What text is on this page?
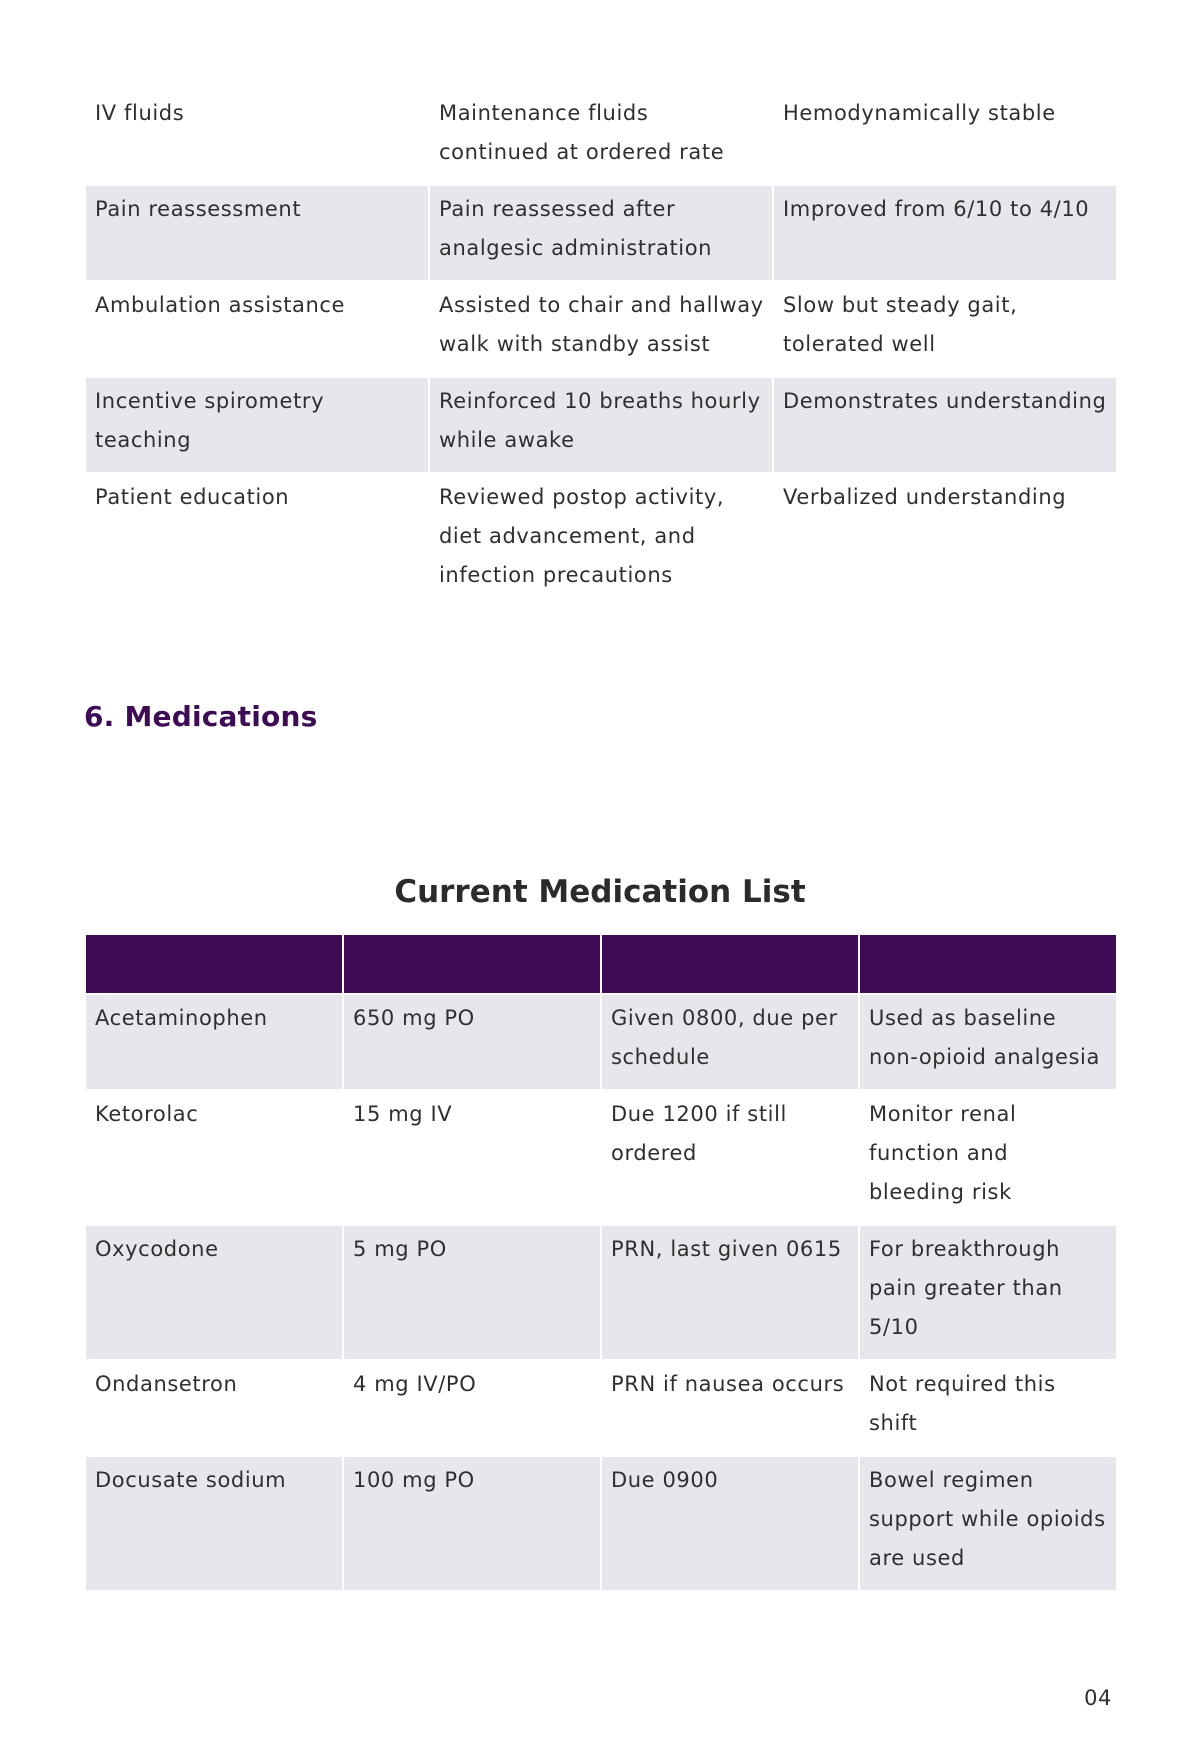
IV fluids	Maintenance fluids continued at ordered rate	Hemodynamically stable
Pain reassessment	Pain reassessed after analgesic administration	Improved from 6/10 to 4/10
Ambulation assistance	Assisted to chair and hallway walk with standby assist	Slow but steady gait, tolerated well
Incentive spirometry teaching	Reinforced 10 breaths hourly while awake	Demonstrates understanding
Patient education	Reviewed postop activity, diet advancement, and infection precautions	Verbalized understanding
6. Medications
Current Medication List

Acetaminophen	650 mg PO	Given 0800, due per schedule	Used as baseline non-opioid analgesia
Ketorolac	15 mg IV	Due 1200 if still ordered	Monitor renal function and bleeding risk
Oxycodone	5 mg PO	PRN, last given 0615	For breakthrough pain greater than 5/10
Ondansetron	4 mg IV/PO	PRN if nausea occurs	Not required this shift
Docusate sodium	100 mg PO	Due 0900	Bowel regimen support while opioids are used
04
